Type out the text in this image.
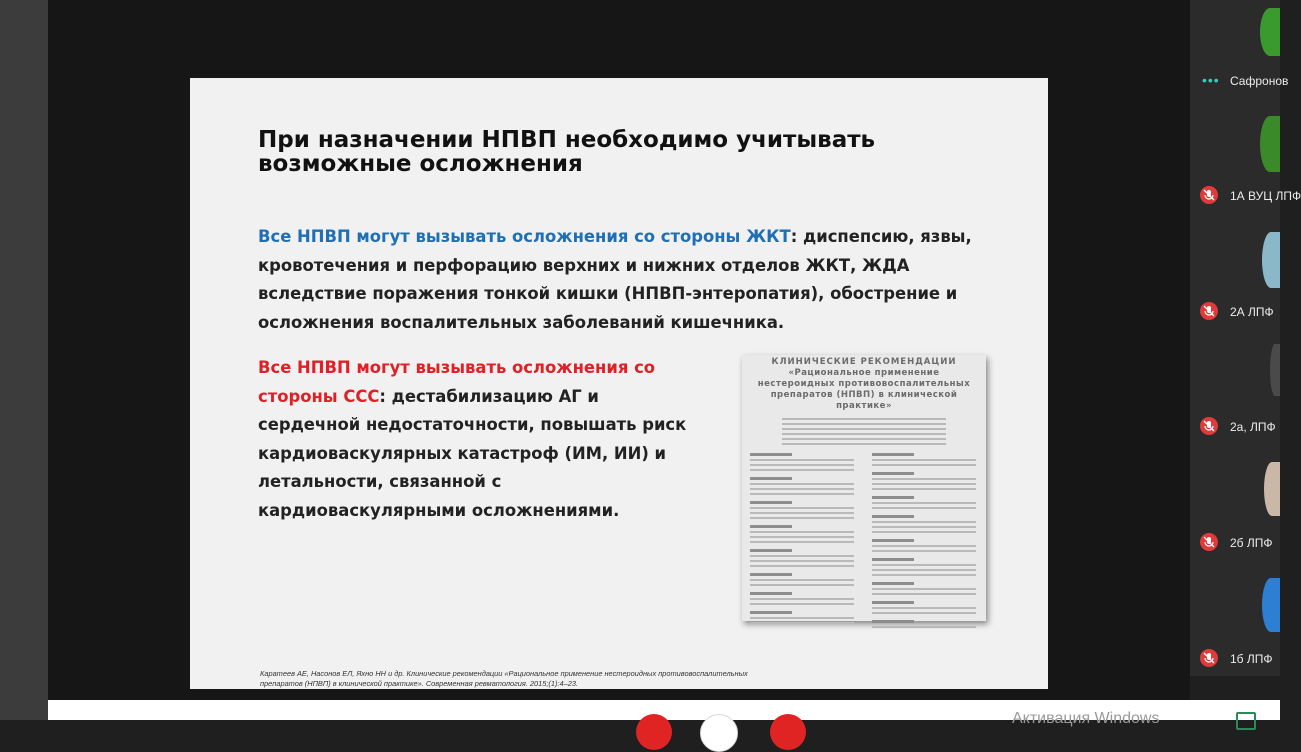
При назначении НПВП необходимо учитывать
возможные осложнения

Все НПВП могут вызывать осложнения со стороны ЖКТ: диспепсию, язвы, кровотечения и перфорацию верхних и нижних отделов ЖКТ, ЖДА вследствие поражения тонкой кишки (НПВП-энтеропатия), обострение и осложнения воспалительных заболеваний кишечника.

Все НПВП могут вызывать осложнения со стороны ССС: дестабилизацию АГ и сердечной недостаточности, повышать риск кардиоваскулярных катастроф (ИМ, ИИ) и летальности, связанной с кардиоваскулярными осложнениями.

КЛИНИЧЕСКИЕ РЕКОМЕНДАЦИИ
«Рациональное применение нестероидных противовоспалительных препаратов (НПВП) в клинической практике»

Каратеев АЕ, Насонов ЕЛ, Яхно НН и др. Клинические рекомендации «Рациональное применение нестероидных противовоспалительных препаратов (НПВП) в клинической практике». Современная ревматология. 2015;(1):4–23.

••• Сафронов
1А ВУЦ ЛПФ
2А ЛПФ
2а, ЛПФ
2б ЛПФ
1б ЛПФ
Активация Windows
